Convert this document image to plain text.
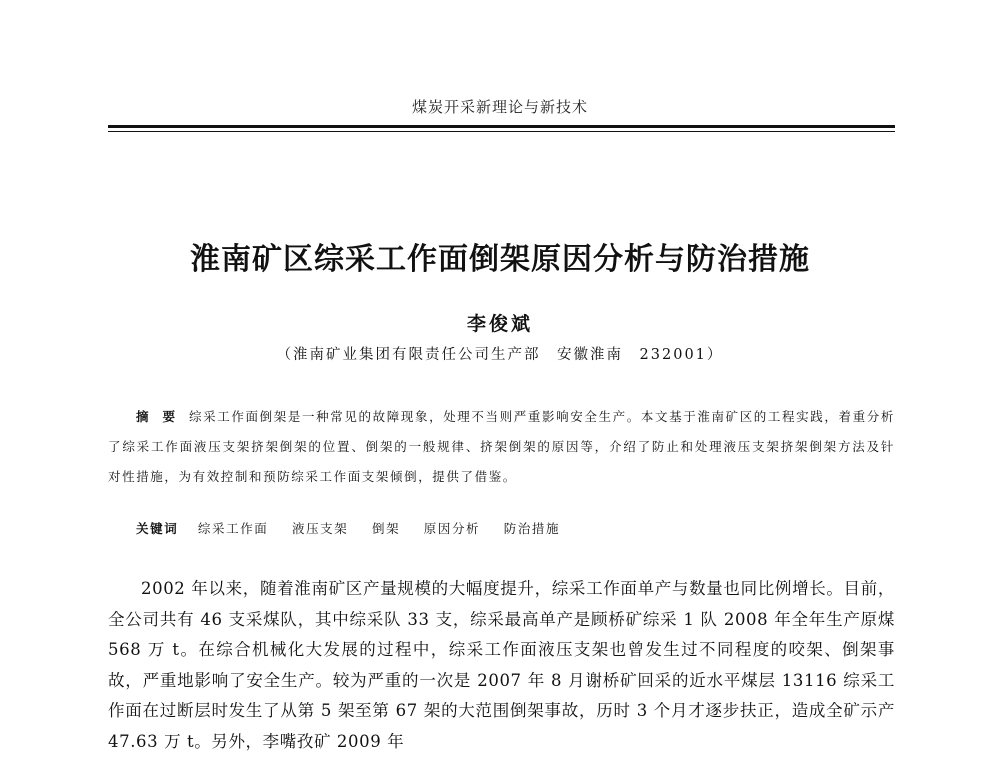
煤炭开采新理论与新技术
淮南矿区综采工作面倒架原因分析与防治措施
李俊斌
（淮南矿业集团有限责任公司生产部　安徽淮南　232001）
摘要综采工作面倒架是一种常见的故障现象，处理不当则严重影响安全生产。本文基于淮南矿区的工程实践，着重分析了综采工作面液压支架挤架倒架的位置、倒架的一般规律、挤架倒架的原因等，介绍了防止和处理液压支架挤架倒架方法及针对性措施，为有效控制和预防综采工作面支架倾倒，提供了借鉴。
关键词 综采工作面 液压支架 倒架 原因分析 防治措施
2002 年以来，随着淮南矿区产量规模的大幅度提升，综采工作面单产与数量也同比例增长。目前，全公司共有 46 支采煤队，其中综采队 33 支，综采最高单产是顾桥矿综采 1 队 2008 年全年生产原煤 568 万 t。在综合机械化大发展的过程中，综采工作面液压支架也曾发生过不同程度的咬架、倒架事故，严重地影响了安全生产。较为严重的一次是 2007 年 8 月谢桥矿回采的近水平煤层 13116 综采工作面在过断层时发生了从第 5 架至第 67 架的大范围倒架事故，历时 3 个月才逐步扶正，造成全矿示产 47.63 万 t。另外，李嘴孜矿 2009 年
